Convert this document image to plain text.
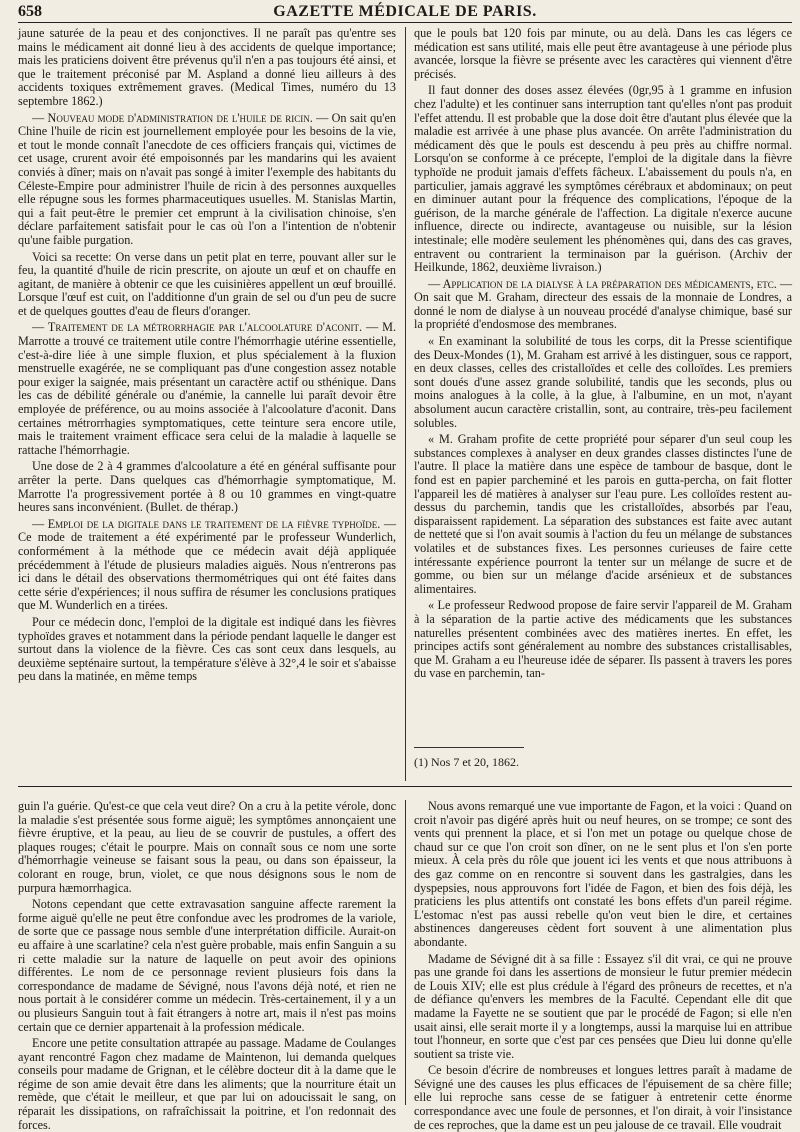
658	GAZETTE MÉDICALE DE PARIS.

jaune saturée de la peau et des conjonctives. Il ne paraît pas qu'entre ses mains le médicament ait donné lieu à des accidents de quelque importance; mais les praticiens doivent être prévenus qu'il n'en a pas toujours été ainsi, et que le traitement préconisé par M. Aspland a donné lieu ailleurs à des accidents toxiques extrêmement graves. (Medical Times, numéro du 13 septembre 1862.)

— Nouveau mode d'administration de l'huile de ricin. — On sait qu'en Chine l'huile de ricin est journellement employée pour les besoins de la vie, et tout le monde connaît l'anecdote de ces officiers français qui, victimes de cet usage, crurent avoir été empoisonnés par les mandarins qui les avaient conviés à dîner; mais on n'avait pas songé à imiter l'exemple des habitants du Céleste-Empire pour administrer l'huile de ricin à des personnes auxquelles elle répugne sous les formes pharmaceutiques usuelles. M. Stanislas Martin, qui a fait peut-être le premier cet emprunt à la civilisation chinoise, s'en déclare parfaitement satisfait pour le cas où l'on a l'intention de n'obtenir qu'une faible purgation.

Voici sa recette: On verse dans un petit plat en terre, pouvant aller sur le feu, la quantité d'huile de ricin prescrite, on ajoute un œuf et on chauffe en agitant, de manière à obtenir ce que les cuisinières appellent un œuf brouillé. Lorsque l'œuf est cuit, on l'additionne d'un grain de sel ou d'un peu de sucre et de quelques gouttes d'eau de fleurs d'oranger.

— Traitement de la métrorrhagie par l'alcoolature d'aconit. — M. Marrotte a trouvé ce traitement utile contre l'hémorrhagie utérine essentielle, c'est-à-dire liée à une simple fluxion, et plus spécialement à la fluxion menstruelle exagérée, ne se compliquant pas d'une congestion assez notable pour exiger la saignée, mais présentant un caractère actif ou sthénique. Dans les cas de débilité générale ou d'anémie, la cannelle lui paraît devoir être employée de préférence, ou au moins associée à l'alcoolature d'aconit. Dans certaines métrorrhagies symptomatiques, cette teinture sera encore utile, mais le traitement vraiment efficace sera celui de la maladie à laquelle se rattache l'hémorrhagie.

Une dose de 2 à 4 grammes d'alcoolature a été en général suffisante pour arrêter la perte. Dans quelques cas d'hémorrhagie symptomatique, M. Marrotte l'a progressivement portée à 8 ou 10 grammes en vingt-quatre heures sans inconvénient. (Bullet. de thérap.)

— Emploi de la digitale dans le traitement de la fièvre typhoïde. — Ce mode de traitement a été expérimenté par le professeur Wunderlich, conformément à la méthode que ce médecin avait déjà appliquée précédemment à l'étude de plusieurs maladies aiguës. Nous n'entrerons pas ici dans le détail des observations thermométriques qui ont été faites dans cette série d'expériences; il nous suffira de résumer les conclusions pratiques que M. Wunderlich en a tirées.

Pour ce médecin donc, l'emploi de la digitale est indiqué dans les fièvres typhoïdes graves et notamment dans la période pendant laquelle le danger est surtout dans la violence de la fièvre. Ces cas sont ceux dans lesquels, au deuxième septénaire surtout, la température s'élève à 32°,4 le soir et s'abaisse peu dans la matinée, en même temps

que le pouls bat 120 fois par minute, ou au delà. Dans les cas légers ce médication est sans utilité, mais elle peut être avantageuse à une période plus avancée, lorsque la fièvre se présente avec les caractères qui viennent d'être précisés.

Il faut donner des doses assez élevées (0gr,95 à 1 gramme en infusion chez l'adulte) et les continuer sans interruption tant qu'elles n'ont pas produit l'effet attendu. Il est probable que la dose doit être d'autant plus élevée que la maladie est arrivée à une phase plus avancée. On arrête l'administration du médicament dès que le pouls est descendu à peu près au chiffre normal. Lorsqu'on se conforme à ce précepte, l'emploi de la digitale dans la fièvre typhoïde ne produit jamais d'effets fâcheux. L'abaissement du pouls n'a, en particulier, jamais aggravé les symptômes cérébraux et abdominaux; on peut en diminuer autant pour la fréquence des complications, l'époque de la guérison, de la marche générale de l'affection. La digitale n'exerce aucune influence, directe ou indirecte, avantageuse ou nuisible, sur la lésion intestinale; elle modère seulement les phénomènes qui, dans des cas graves, entravent ou contrarient la terminaison par la guérison. (Archiv der Heilkunde, 1862, deuxième livraison.)

— Application de la dialyse à la préparation des médicaments, etc. — On sait que M. Graham, directeur des essais de la monnaie de Londres, a donné le nom de dialyse à un nouveau procédé d'analyse chimique, basé sur la propriété d'endosmose des membranes.

« En examinant la solubilité de tous les corps, dit la Presse scientifique des Deux-Mondes (1), M. Graham est arrivé à les distinguer, sous ce rapport, en deux classes, celles des cristalloïdes et celle des colloïdes. Les premiers sont doués d'une assez grande solubilité, tandis que les seconds, plus ou moins analogues à la colle, à la glue, à l'albumine, en un mot, n'ayant absolument aucun caractère cristallin, sont, au contraire, très-peu facilement solubles.

« M. Graham profite de cette propriété pour séparer d'un seul coup les substances complexes à analyser en deux grandes classes distinctes l'une de l'autre. Il place la matière dans une espèce de tambour de basque, dont le fond est en papier parcheminé et les parois en gutta-percha, on fait flotter l'appareil les dé matières à analyser sur l'eau pure. Les colloïdes restent au-dessus du parchemin, tandis que les cristalloïdes, absorbés par l'eau, disparaissent rapidement. La séparation des substances est faite avec autant de netteté que si l'on avait soumis à l'action du feu un mélange de substances volatiles et de substances fixes. Les personnes curieuses de faire cette intéressante expérience pourront la tenter sur un mélange de sucre et de gomme, ou bien sur un mélange d'acide arsénieux et de substances alimentaires.

« Le professeur Redwood propose de faire servir l'appareil de M. Graham à la séparation de la partie active des médicaments que les substances naturelles présentent combinées avec des matières inertes. En effet, les principes actifs sont généralement au nombre des substances cristallisables, que M. Graham a eu l'heureuse idée de séparer. Ils passent à travers les pores du vase en parchemin, tan-

(1) Nos 7 et 20, 1862.

guin l'a guérie. Qu'est-ce que cela veut dire? On a cru à la petite vérole, donc la maladie s'est présentée sous forme aiguë; les symptômes annonçaient une fièvre éruptive, et la peau, au lieu de se couvrir de pustules, a offert des plaques rouges; c'était le pourpre. Mais on connaît sous ce nom une sorte d'hémorrhagie veineuse se faisant sous la peau, ou dans son épaisseur, la colorant en rouge, brun, violet, ce que nous désignons sous le nom de purpura hæmorrhagica.

Notons cependant que cette extravasation sanguine affecte rarement la forme aiguë qu'elle ne peut être confondue avec les prodromes de la variole, de sorte que ce passage nous semble d'une interprétation difficile. Aurait-on eu affaire à une scarlatine? cela n'est guère probable, mais enfin Sanguin a su ri cette maladie sur la nature de laquelle on peut avoir des opinions différentes. Le nom de ce personnage revient plusieurs fois dans la correspondance de madame de Sévigné, nous l'avons déjà noté, et rien ne nous portait à le considérer comme un médecin. Très-certainement, il y a un ou plusieurs Sanguin tout à fait étrangers à notre art, mais il n'est pas moins certain que ce dernier appartenait à la profession médicale.

Encore une petite consultation attrapée au passage. Madame de Coulanges ayant rencontré Fagon chez madame de Maintenon, lui demanda quelques conseils pour madame de Grignan, et le célèbre docteur dit à la dame que le régime de son amie devait être dans les aliments; que la nourriture était un remède, que c'était le meilleur, et que par lui on adoucissait le sang, on réparait les dissipations, on rafraîchissait la poitrine, et l'on redonnait des forces.

Nous avons remarqué une vue importante de Fagon, et la voici : Quand on croit n'avoir pas digéré après huit ou neuf heures, on se trompe; ce sont des vents qui prennent la place, et si l'on met un potage ou quelque chose de chaud sur ce que l'on croit son dîner, on ne le sent plus et l'on s'en porte mieux. À cela près du rôle que jouent ici les vents et que nous attribuons à des gaz comme on en rencontre si souvent dans les gastralgies, dans les dyspepsies, nous approuvons fort l'idée de Fagon, et bien des fois déjà, les praticiens les plus attentifs ont constaté les bons effets d'un pareil régime. L'estomac n'est pas aussi rebelle qu'on veut bien le dire, et certaines abstinences dangereuses cèdent fort souvent à une alimentation plus abondante.

Madame de Sévigné dit à sa fille : Essayez s'il dit vrai, ce qui ne prouve pas une grande foi dans les assertions de monsieur le futur premier médecin de Louis XIV; elle est plus crédule à l'égard des prôneurs de recettes, et n'a de défiance qu'envers les membres de la Faculté. Cependant elle dit que madame la Fayette ne se soutient que par le procédé de Fagon; si elle n'en usait ainsi, elle serait morte il y a longtemps, aussi la marquise lui en attribue tout l'honneur, en sorte que c'est par ces pensées que Dieu lui donne qu'elle soutient sa triste vie.

Ce besoin d'écrire de nombreuses et longues lettres paraît à madame de Sévigné une des causes les plus efficaces de l'épuisement de sa chère fille; elle lui reproche sans cesse de se fatiguer à entretenir cette énorme correspondance avec une foule de personnes, et l'on dirait, à voir l'insistance de ces reproches, que la dame est un peu jalouse de ce travail. Elle voudrait
